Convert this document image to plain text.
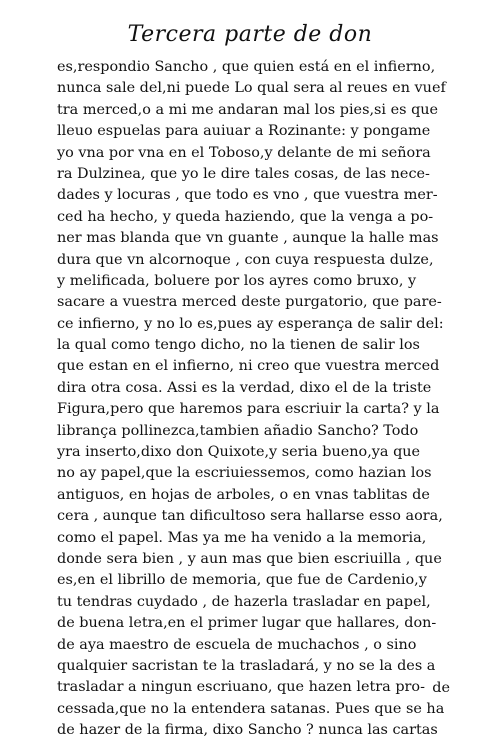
Tercera parte de don
es,respondio Sancho , que quien está en el infierno,
nunca sale del,ni puede Lo qual sera al reues en vuef
tra merced,o a mi me andaran mal los pies,si es que
lleuo espuelas para auiuar a Rozinante: y pongame
yo vna por vna en el Toboso,y delante de mi señora
ra Dulzinea, que yo le dire tales cosas, de las nece-
dades y locuras , que todo es vno , que vuestra mer-
ced ha hecho, y queda haziendo, que la venga a po-
ner mas blanda que vn guante , aunque la halle mas
dura que vn alcornoque , con cuya respuesta dulze,
y melificada, boluere por los ayres como bruxo, y
sacare a vuestra merced deste purgatorio, que pare-
ce infierno, y no lo es,pues ay esperança de salir del:
la qual como tengo dicho, no la tienen de salir los
que estan en el infierno, ni creo que vuestra merced
dira otra cosa. Assi es la verdad, dixo el de la triste
Figura,pero que haremos para escriuir la carta? y la
librança pollinezca,tambien añadio Sancho? Todo
yra inserto,dixo don Quixote,y seria bueno,ya que
no ay papel,que la escriuiessemos, como hazian los
antiguos, en hojas de arboles, o en vnas tablitas de
cera , aunque tan dificultoso sera hallarse esso aora,
como el papel. Mas ya me ha venido a la memoria,
donde sera bien , y aun mas que bien escriuilla , que
es,en el librillo de memoria, que fue de Cardenio,y
tu tendras cuydado , de hazerla trasladar en papel,
de buena letra,en el primer lugar que hallares, don-
de aya maestro de escuela de muchachos , o sino
qualquier sacristan te la trasladará, y no se la des a
trasladar a ningun escriuano, que hazen letra pro-
cessada,que no la entendera satanas. Pues que se ha
de hazer de la firma, dixo Sancho ? nunca las cartas
de
